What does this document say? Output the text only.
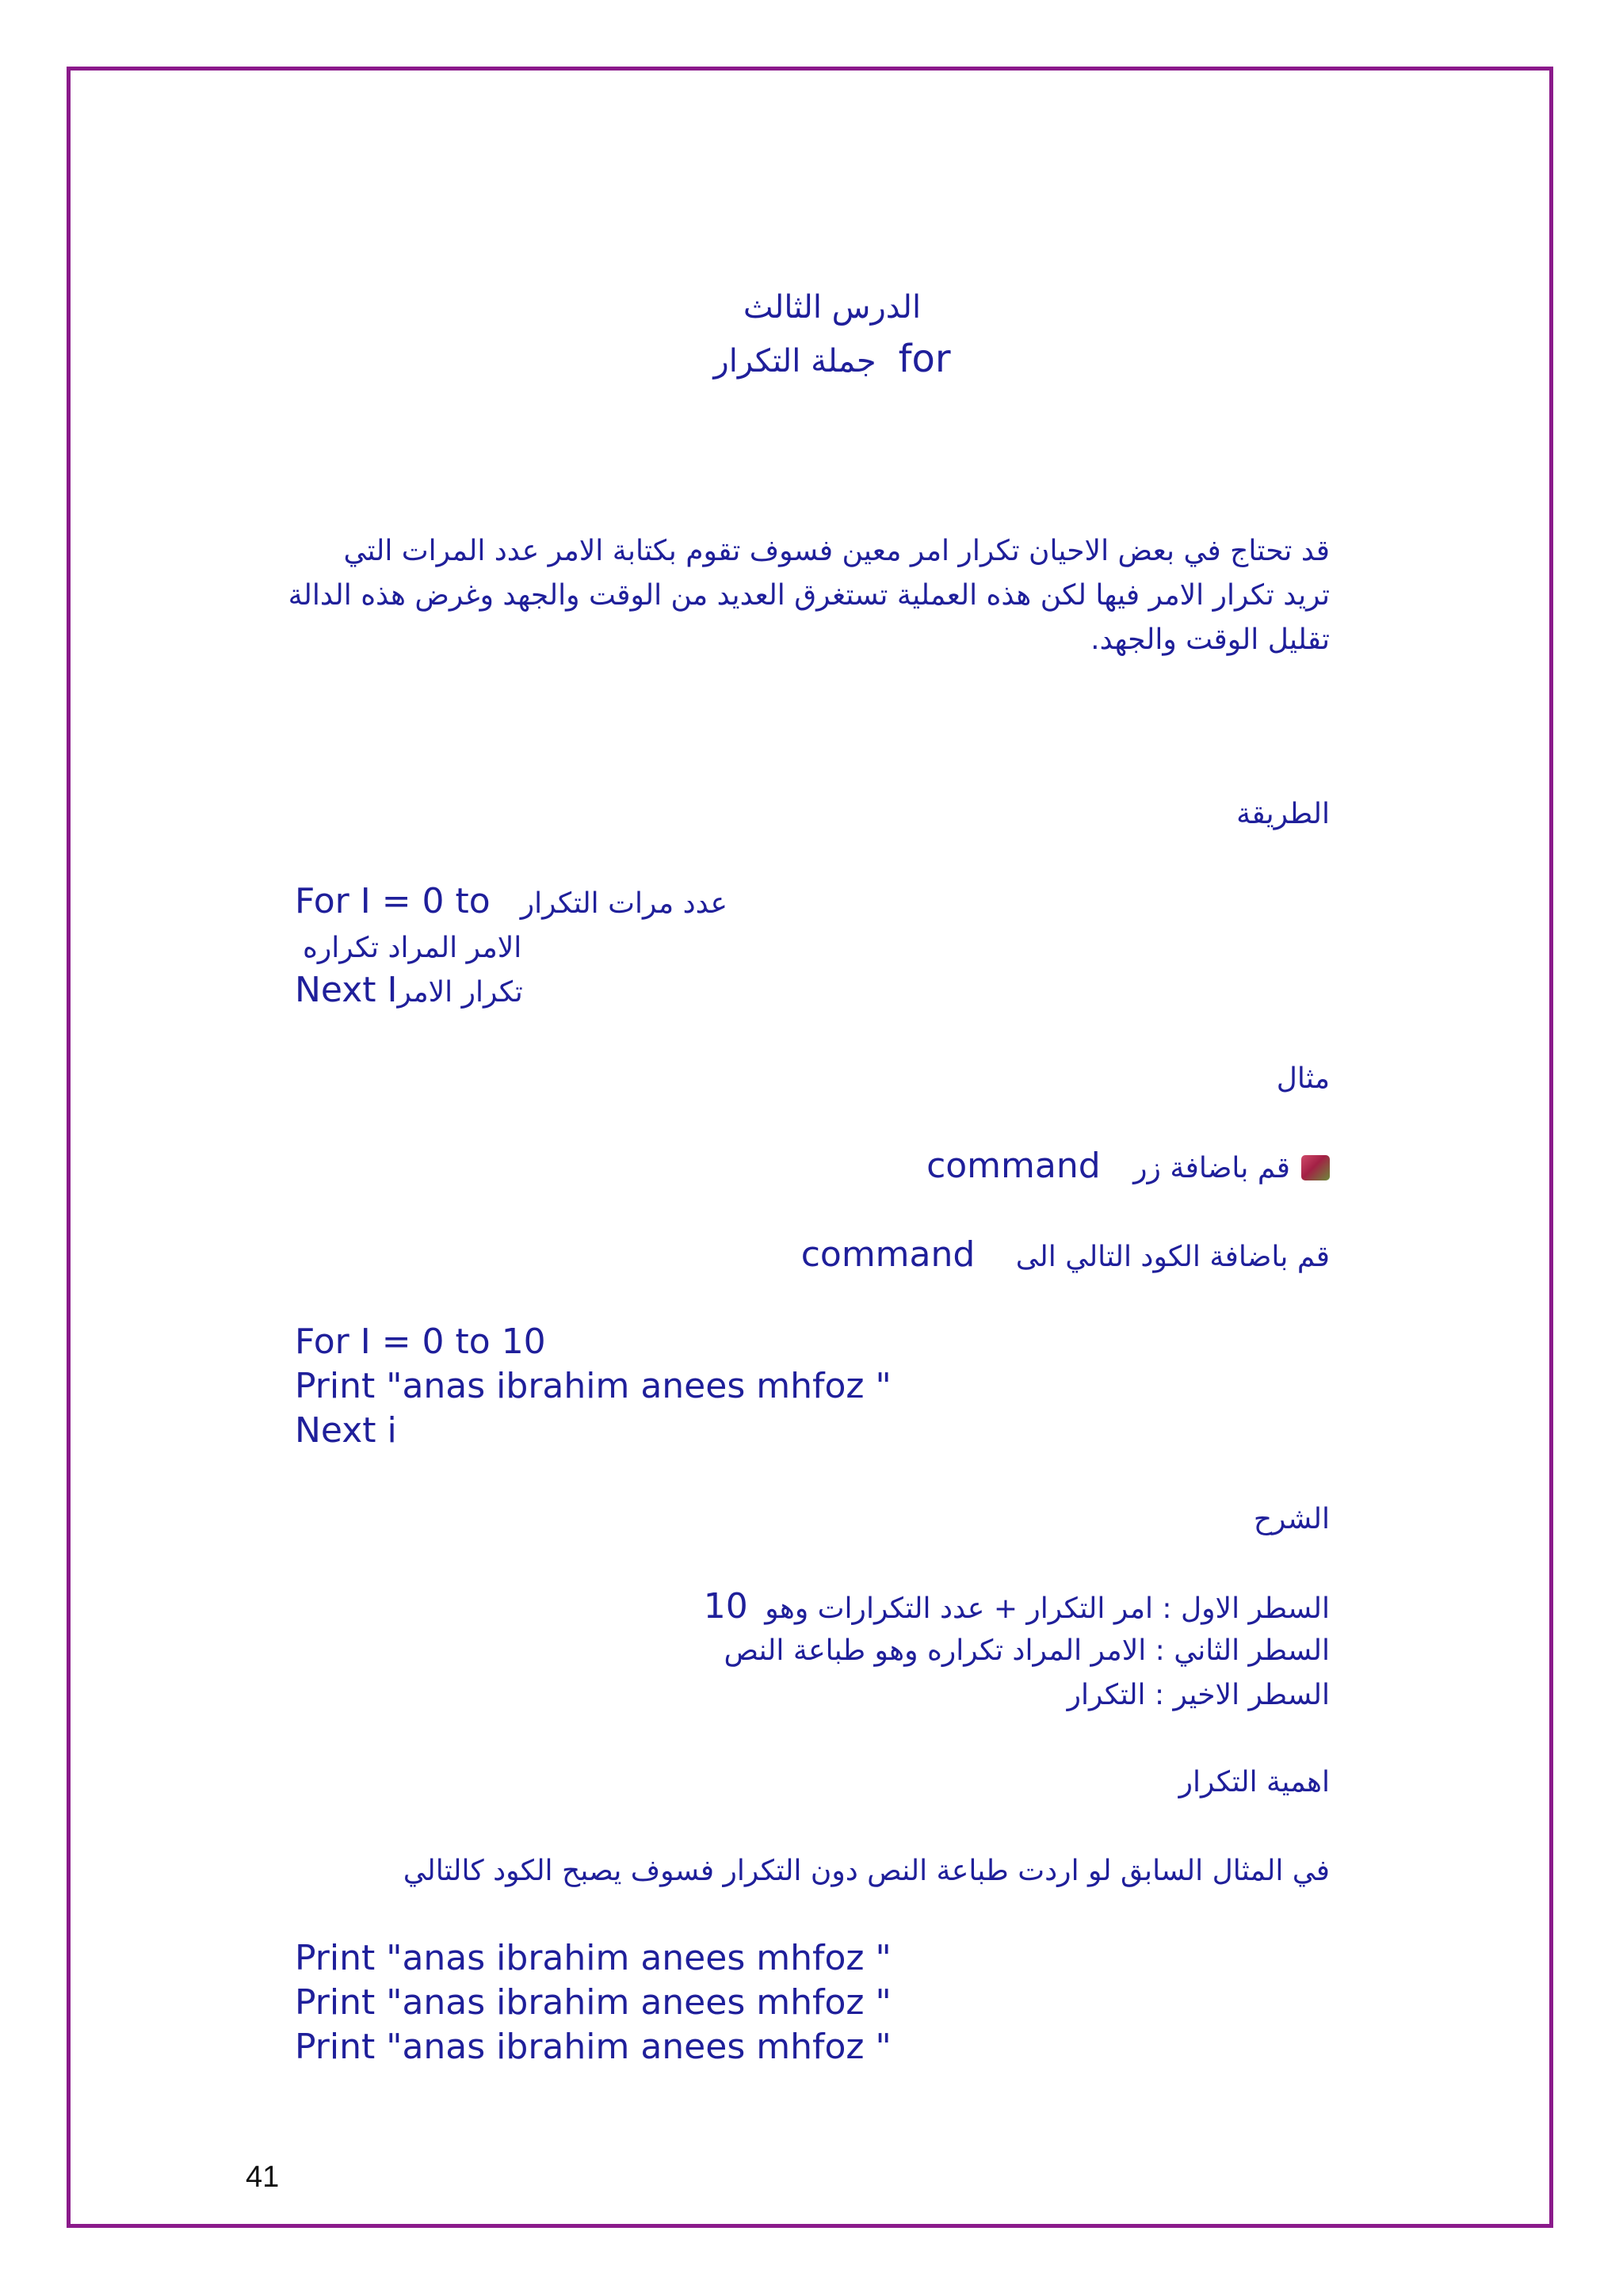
الدرس الثالث
جملة التكرار for
قد تحتاج في بعض الاحيان تكرار امر معين فسوف تقوم بكتابة الامر عدد المرات التي
تريد تكرار الامر فيها لكن هذه العملية تستغرق العديد من الوقت والجهد وغرض هذه الدالة
تقليل الوقت والجهد.
الطريقة
For I = 0 to عدد مرات التكرار
الامر المراد تكراره
Next Iتكرار الامر
مثال
قم باضافة زر command
قم باضافة الكود التالي الى command
For I = 0 to 10
Print "anas ibrahim anees mhfoz "
Next i
الشرح
السطر الاول : امر التكرار + عدد التكرارات وهو 10
السطر الثاني : الامر المراد تكراره وهو طباعة النص
السطر الاخير : التكرار
اهمية التكرار
في المثال السابق لو اردت طباعة النص دون التكرار فسوف يصبح الكود كالتالي
Print "anas ibrahim anees mhfoz "
Print "anas ibrahim anees mhfoz "
Print "anas ibrahim anees mhfoz "
41
